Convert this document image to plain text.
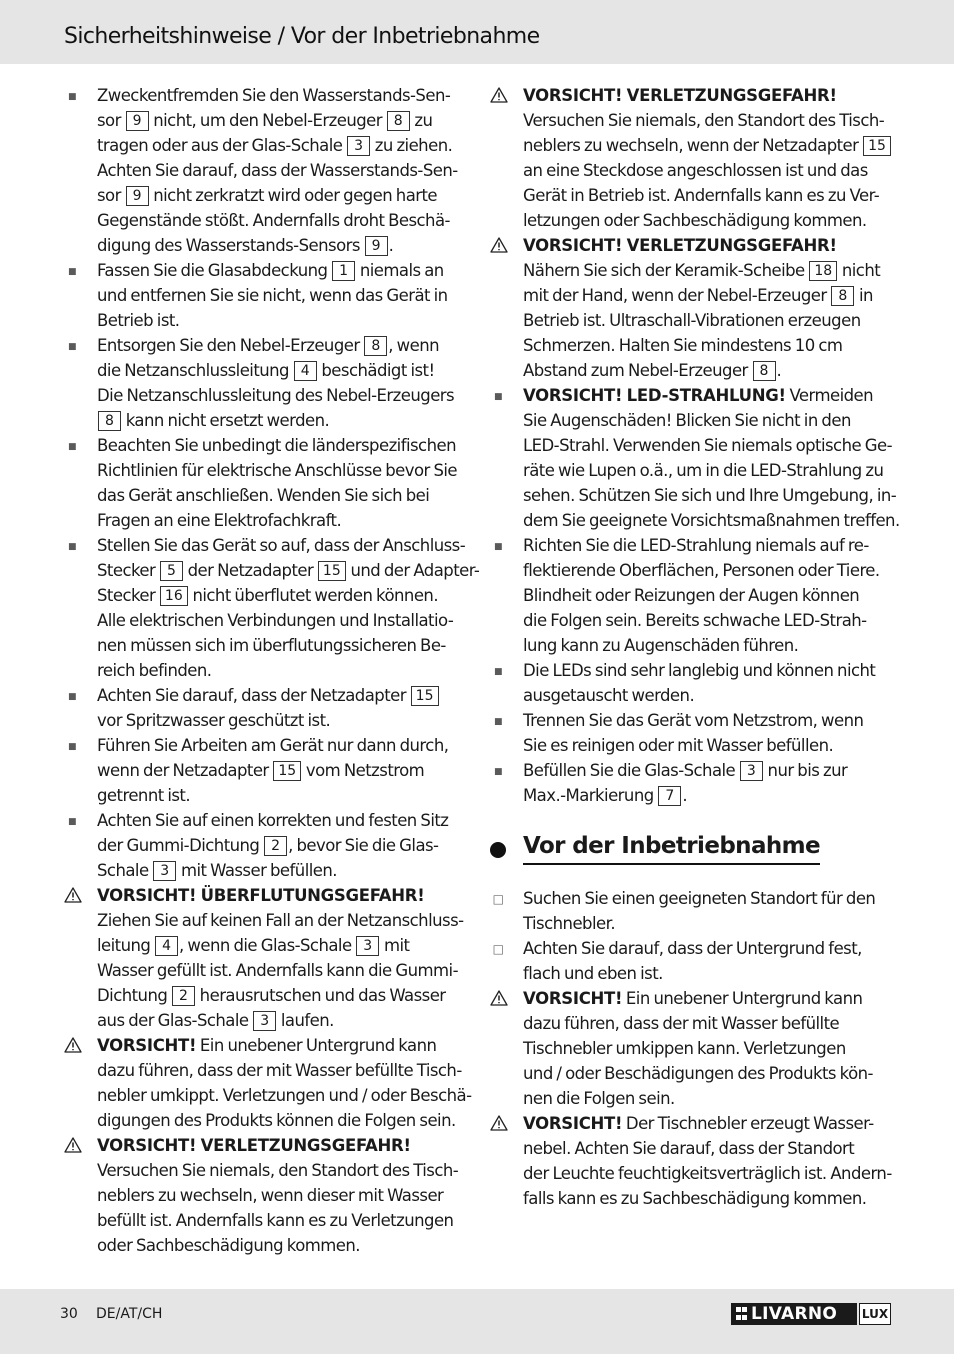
Sicherheitshinweise / Vor der Inbetriebnahme
■
Zweckentfremden Sie den Wasserstands-Sen-
sor 9 nicht, um den Nebel-Erzeuger 8 zu
tragen oder aus der Glas-Schale 3 zu ziehen.
Achten Sie darauf, dass der Wasserstands-Sen-
sor 9 nicht zerkratzt wird oder gegen harte
Gegenstände stößt. Andernfalls droht Beschä-
digung des Wasserstands-Sensors 9 .
■
Fassen Sie die Glasabdeckung 1 niemals an
und entfernen Sie sie nicht, wenn das Gerät in
Betrieb ist.
■
Entsorgen Sie den Nebel-Erzeuger 8 , wenn
die Netzanschlussleitung 4 beschädigt ist!
Die Netzanschlussleitung des Nebel-Erzeugers
8 kann nicht ersetzt werden.
■
Beachten Sie unbedingt die länderspezifischen
Richtlinien für elektrische Anschlüsse bevor Sie
das Gerät anschließen. Wenden Sie sich bei
Fragen an eine Elektrofachkraft.
■
Stellen Sie das Gerät so auf, dass der Anschluss-
Stecker 5 der Netzadapter 15 und der Adapter-
Stecker 16 nicht überflutet werden können.
Alle elektrischen Verbindungen und Installatio-
nen müssen sich im überflutungssicheren Be-
reich befinden.
■
Achten Sie darauf, dass der Netzadapter 15
vor Spritzwasser geschützt ist.
■
Führen Sie Arbeiten am Gerät nur dann durch,
wenn der Netzadapter 15 vom Netzstrom
getrennt ist.
■
Achten Sie auf einen korrekten und festen Sitz
der Gummi-Dichtung 2 , bevor Sie die Glas-
Schale 3 mit Wasser befüllen.
VORSICHT! ÜBERFLUTUNGSGEFAHR!
Ziehen Sie auf keinen Fall an der Netzanschluss-
leitung 4 , wenn die Glas-Schale 3 mit
Wasser gefüllt ist. Andernfalls kann die Gummi-
Dichtung 2 herausrutschen und das Wasser
aus der Glas-Schale 3 laufen.
VORSICHT! Ein unebener Untergrund kann
dazu führen, dass der mit Wasser befüllte Tisch-
nebler umkippt. Verletzungen und / oder Beschä-
digungen des Produkts können die Folgen sein.
VORSICHT! VERLETZUNGSGEFAHR!
Versuchen Sie niemals, den Standort des Tisch-
neblers zu wechseln, wenn dieser mit Wasser
befüllt ist. Andernfalls kann es zu Verletzungen
oder Sachbeschädigung kommen.
VORSICHT! VERLETZUNGSGEFAHR!
Versuchen Sie niemals, den Standort des Tisch-
neblers zu wechseln, wenn der Netzadapter 15
an eine Steckdose angeschlossen ist und das
Gerät in Betrieb ist. Andernfalls kann es zu Ver-
letzungen oder Sachbeschädigung kommen.
VORSICHT! VERLETZUNGSGEFAHR!
Nähern Sie sich der Keramik-Scheibe 18 nicht
mit der Hand, wenn der Nebel-Erzeuger 8 in
Betrieb ist. Ultraschall-Vibrationen erzeugen
Schmerzen. Halten Sie mindestens 10 cm
Abstand zum Nebel-Erzeuger 8 .
■
VORSICHT! LED-STRAHLUNG! Vermeiden
Sie Augenschäden! Blicken Sie nicht in den
LED-Strahl. Verwenden Sie niemals optische Ge-
räte wie Lupen o.ä., um in die LED-Strahlung zu
sehen. Schützen Sie sich und Ihre Umgebung, in-
dem Sie geeignete Vorsichtsmaßnahmen treffen.
■
Richten Sie die LED-Strahlung niemals auf re-
flektierende Oberflächen, Personen oder Tiere.
Blindheit oder Reizungen der Augen können
die Folgen sein. Bereits schwache LED-Strah-
lung kann zu Augenschäden führen.
■
Die LEDs sind sehr langlebig und können nicht
ausgetauscht werden.
■
Trennen Sie das Gerät vom Netzstrom, wenn
Sie es reinigen oder mit Wasser befüllen.
■
Befüllen Sie die Glas-Schale 3 nur bis zur
Max.-Markierung 7 .
Vor der Inbetriebnahme
□
Suchen Sie einen geeigneten Standort für den
Tischnebler.
□
Achten Sie darauf, dass der Untergrund fest,
flach und eben ist.
VORSICHT! Ein unebener Untergrund kann
dazu führen, dass der mit Wasser befüllte
Tischnebler umkippen kann. Verletzungen
und / oder Beschädigungen des Produkts kön-
nen die Folgen sein.
VORSICHT! Der Tischnebler erzeugt Wasser-
nebel. Achten Sie darauf, dass der Standort
der Leuchte feuchtigkeitsverträglich ist. Andern-
falls kann es zu Sachbeschädigung kommen.
30 DE/AT/CH	LIVARNO LUX
